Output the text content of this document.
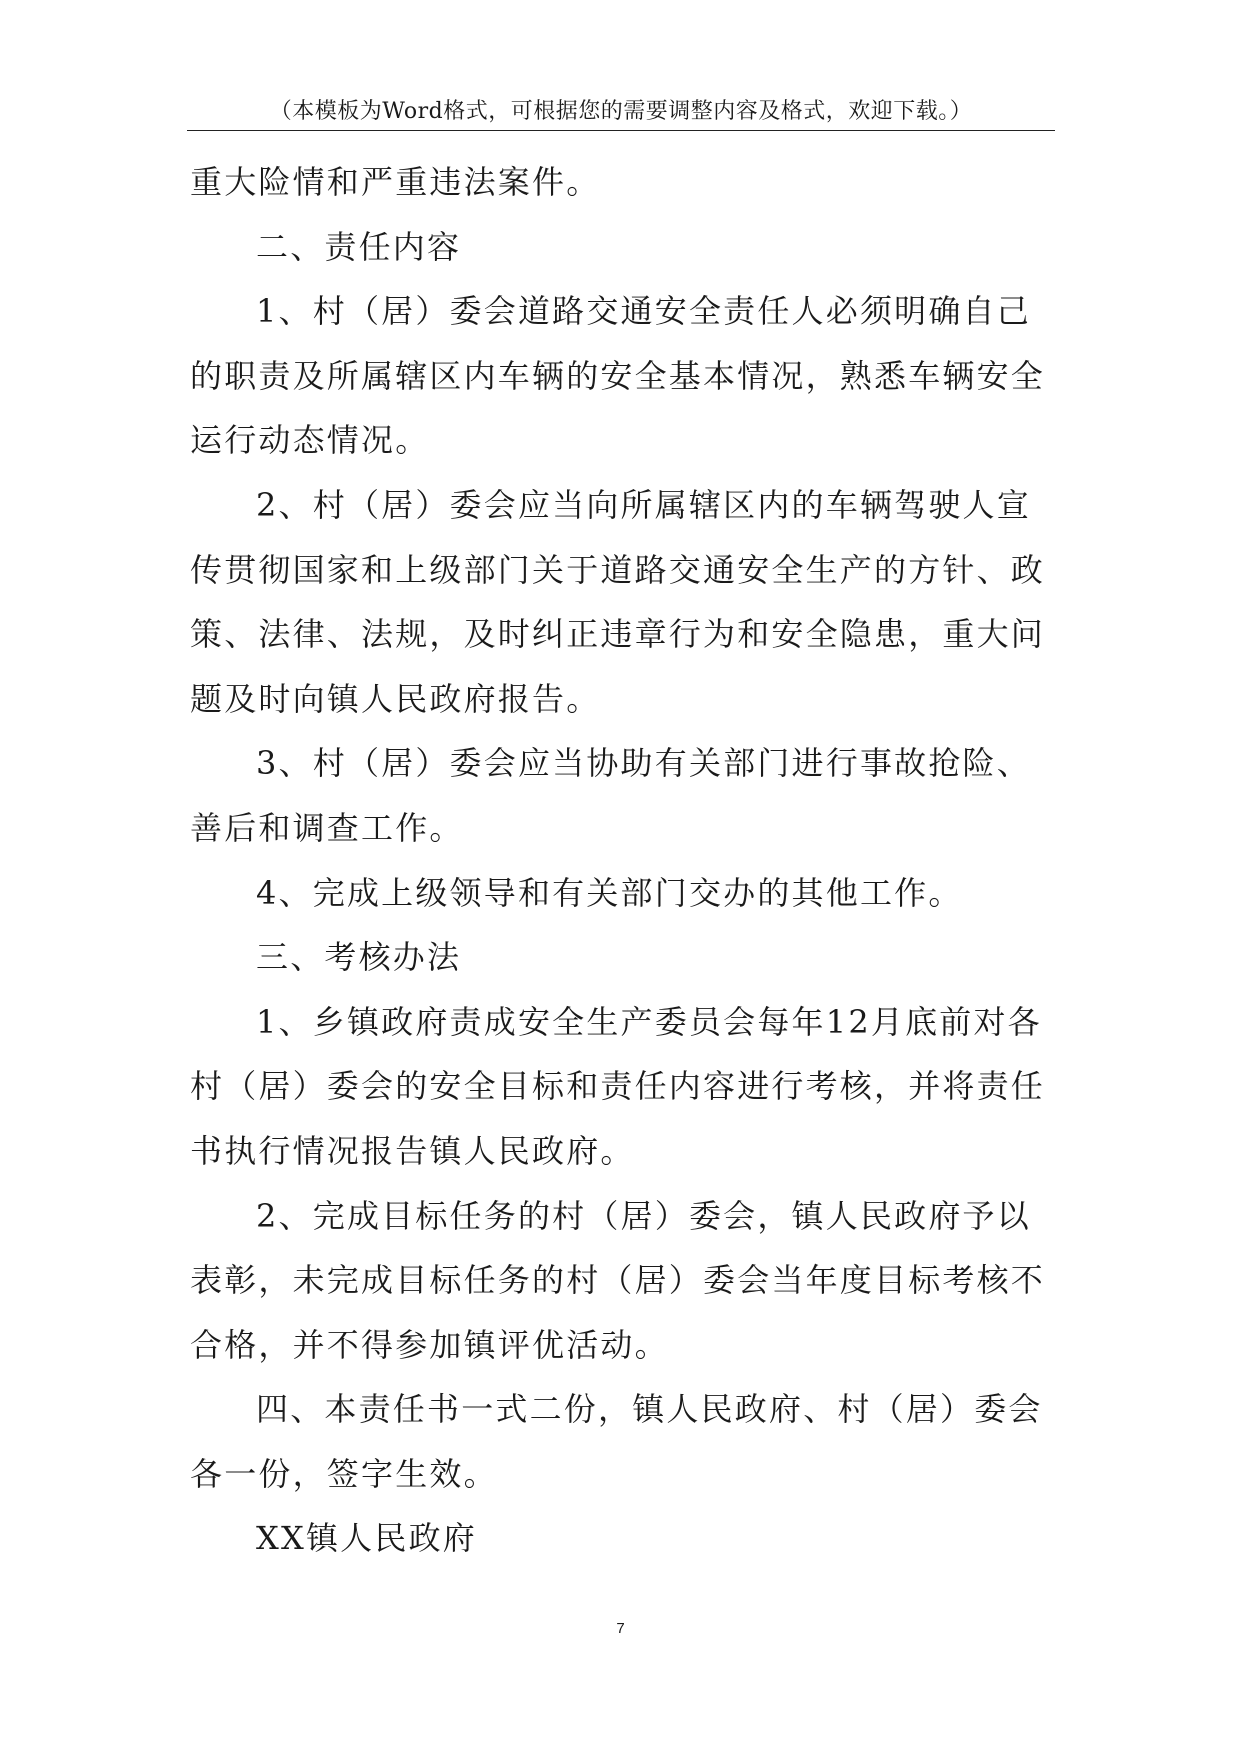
（本模板为Word格式，可根据您的需要调整内容及格式，欢迎下载。）

重大险情和严重违法案件。

二、责任内容

1、村（居）委会道路交通安全责任人必须明确自己的职责及所属辖区内车辆的安全基本情况，熟悉车辆安全运行动态情况。

2、村（居）委会应当向所属辖区内的车辆驾驶人宣传贯彻国家和上级部门关于道路交通安全生产的方针、政策、法律、法规，及时纠正违章行为和安全隐患，重大问题及时向镇人民政府报告。

3、村（居）委会应当协助有关部门进行事故抢险、善后和调查工作。

4、完成上级领导和有关部门交办的其他工作。

三、考核办法

1、乡镇政府责成安全生产委员会每年12月底前对各村（居）委会的安全目标和责任内容进行考核，并将责任书执行情况报告镇人民政府。

2、完成目标任务的村（居）委会，镇人民政府予以表彰，未完成目标任务的村（居）委会当年度目标考核不合格，并不得参加镇评优活动。

四、本责任书一式二份，镇人民政府、村（居）委会各一份，签字生效。

XX镇人民政府

7
